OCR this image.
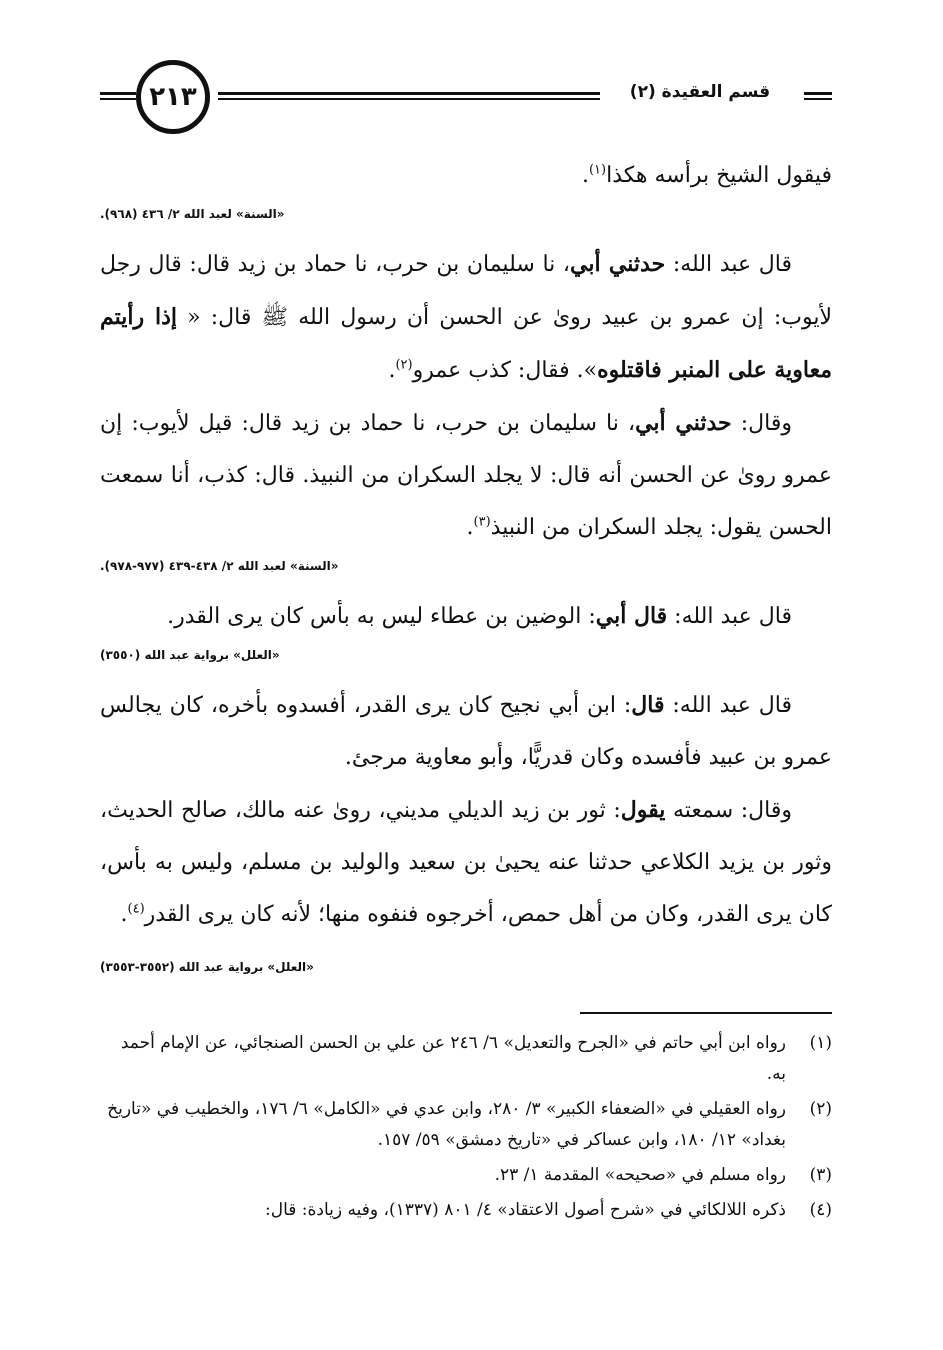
٢١٣	قسم العقيدة (٢)

فيقول الشيخ برأسه هكذا$^{(١)}$.

«السنة» لعبد الله ٢/ ٤٣٦ (٩٦٨).

قال عبد الله: حدثني أبي، نا سليمان بن حرب، نا حماد بن زيد قال: قال رجل لأيوب: إن عمرو بن عبيد روىٰ عن الحسن أن رسول الله ﷺ قال: « إذا رأيتم معاوية على المنبر فاقتلوه». فقال: كذب عمرو$^{(٢)}$.

وقال: حدثني أبي، نا سليمان بن حرب، نا حماد بن زيد قال: قيل لأيوب: إن عمرو روىٰ عن الحسن أنه قال: لا يجلد السكران من النبيذ. قال: كذب، أنا سمعت الحسن يقول: يجلد السكران من النبيذ$^{(٣)}$.

«السنة» لعبد الله ٢/ ٤٣٨-٤٣٩ (٩٧٧-٩٧٨).

قال عبد الله: قال أبي: الوضين بن عطاء ليس به بأس كان يرى القدر.

«العلل» برواية عبد الله (٣٥٥٠)

قال عبد الله: قال: ابن أبي نجيح كان يرى القدر، أفسدوه بأخره، كان يجالس عمرو بن عبيد فأفسده وكان قدريًّا، وأبو معاوية مرجئ.

وقال: سمعته يقول: ثور بن زيد الديلي مديني، روىٰ عنه مالك، صالح الحديث، وثور بن يزيد الكلاعي حدثنا عنه يحيىٰ بن سعيد والوليد بن مسلم، وليس به بأس، كان يرى القدر، وكان من أهل حمص، أخرجوه فنفوه منها؛ لأنه كان يرى القدر$^{(٤)}$.
«العلل» برواية عبد الله (٣٥٥٢-٣٥٥٣)

(١)
رواه ابن أبي حاتم في «الجرح والتعديل» ٦/ ٢٤٦ عن علي بن الحسن الصنجائي، عن الإمام أحمد به.
(٢)
رواه العقيلي في «الضعفاء الكبير» ٣/ ٢٨٠، وابن عدي في «الكامل» ٦/ ١٧٦، والخطيب في «تاريخ بغداد» ١٢/ ١٨٠، وابن عساكر في «تاريخ دمشق» ٥٩/ ١٥٧.
(٣)
رواه مسلم في «صحيحه» المقدمة ١/ ٢٣.
(٤)
ذكره اللالكائي في «شرح أصول الاعتقاد» ٤/ ٨٠١ (١٣٣٧)، وفيه زيادة: قال:
